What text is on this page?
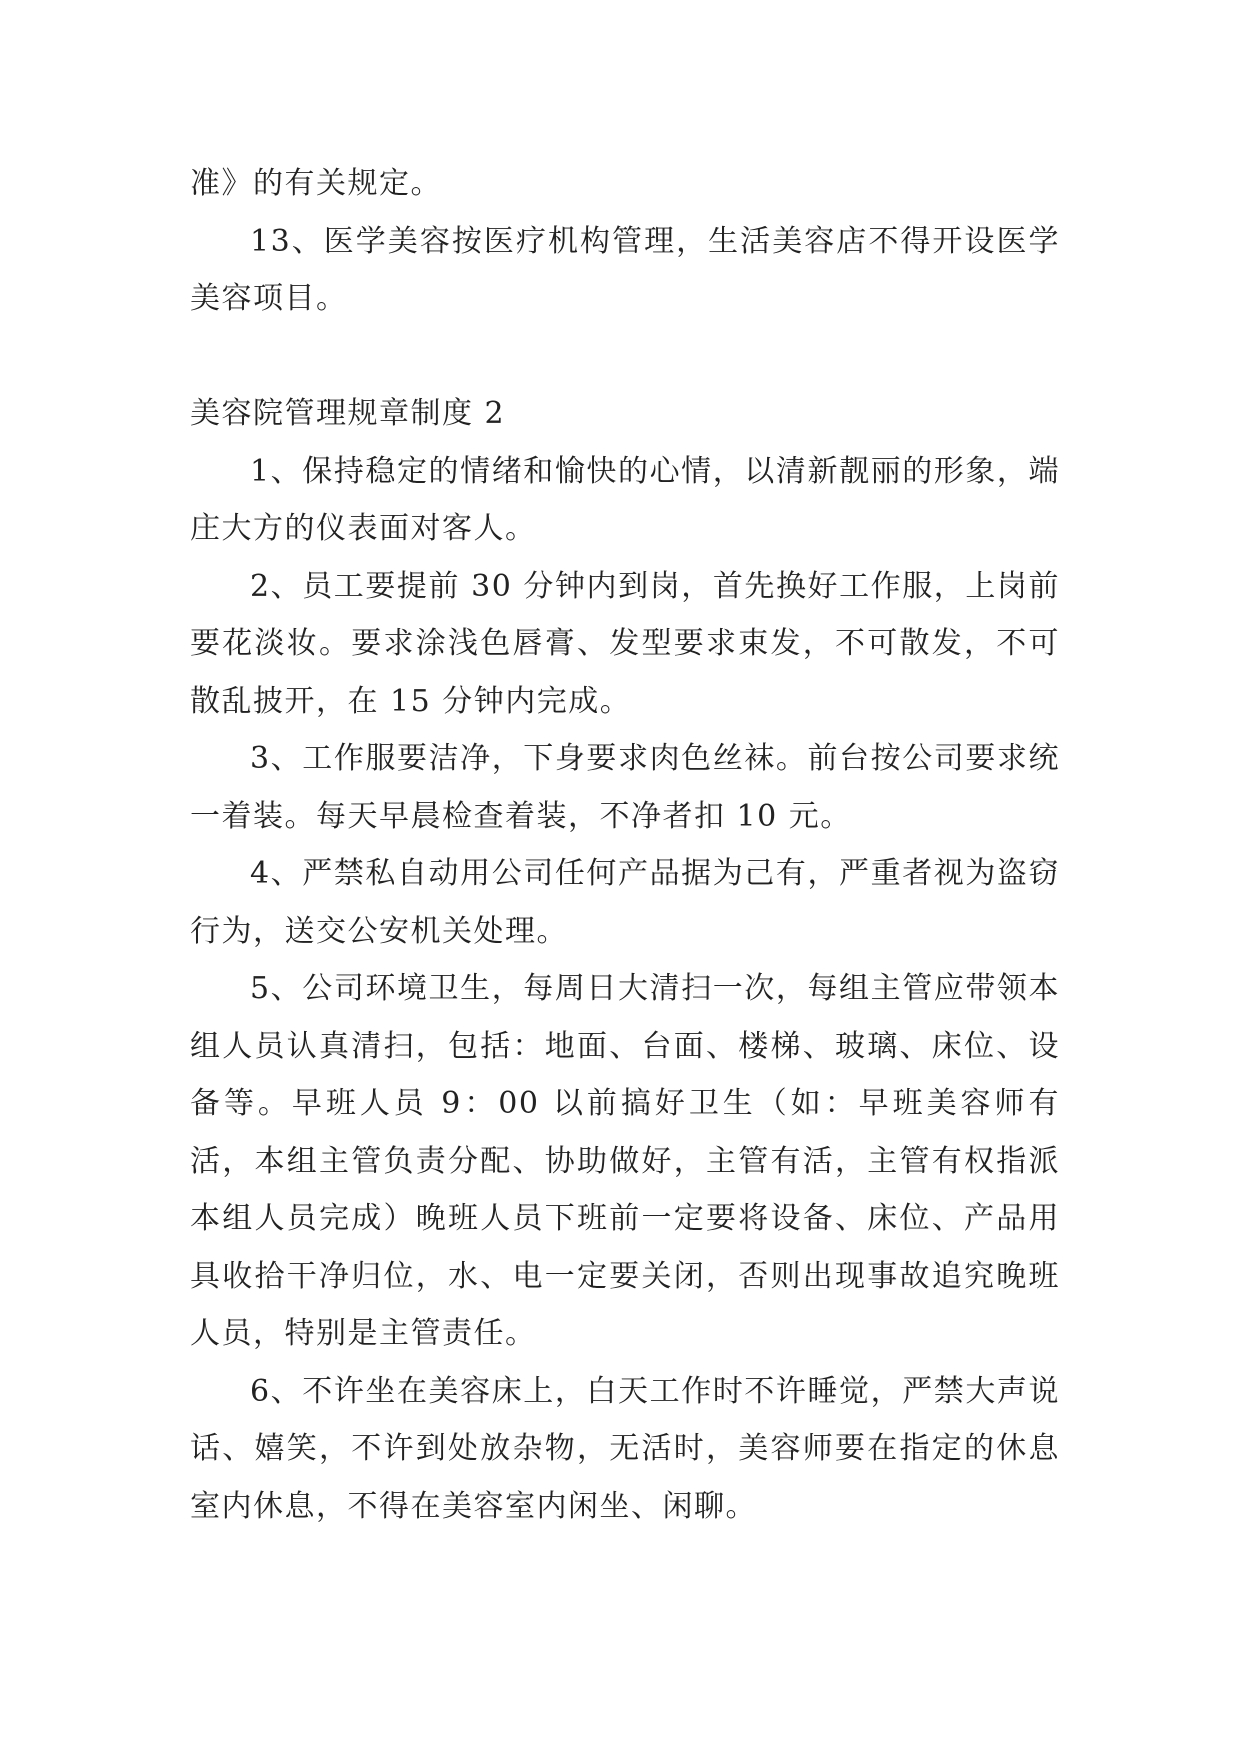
准》的有关规定。

13、医学美容按医疗机构管理，生活美容店不得开设医学美容项目。

美容院管理规章制度 2

1、保持稳定的情绪和愉快的心情，以清新靓丽的形象，端庄大方的仪表面对客人。

2、员工要提前 30 分钟内到岗，首先换好工作服，上岗前要花淡妆。要求涂浅色唇膏、发型要求束发，不可散发，不可散乱披开，在 15 分钟内完成。

3、工作服要洁净，下身要求肉色丝袜。前台按公司要求统一着装。每天早晨检查着装，不净者扣 10 元。

4、严禁私自动用公司任何产品据为己有，严重者视为盗窃行为，送交公安机关处理。

5、公司环境卫生，每周日大清扫一次，每组主管应带领本组人员认真清扫，包括：地面、台面、楼梯、玻璃、床位、设备等。早班人员 9：00 以前搞好卫生（如：早班美容师有活，本组主管负责分配、协助做好，主管有活，主管有权指派本组人员完成）晚班人员下班前一定要将设备、床位、产品用具收拾干净归位，水、电一定要关闭，否则出现事故追究晚班人员，特别是主管责任。

6、不许坐在美容床上，白天工作时不许睡觉，严禁大声说话、嬉笑，不许到处放杂物，无活时，美容师要在指定的休息室内休息，不得在美容室内闲坐、闲聊。
